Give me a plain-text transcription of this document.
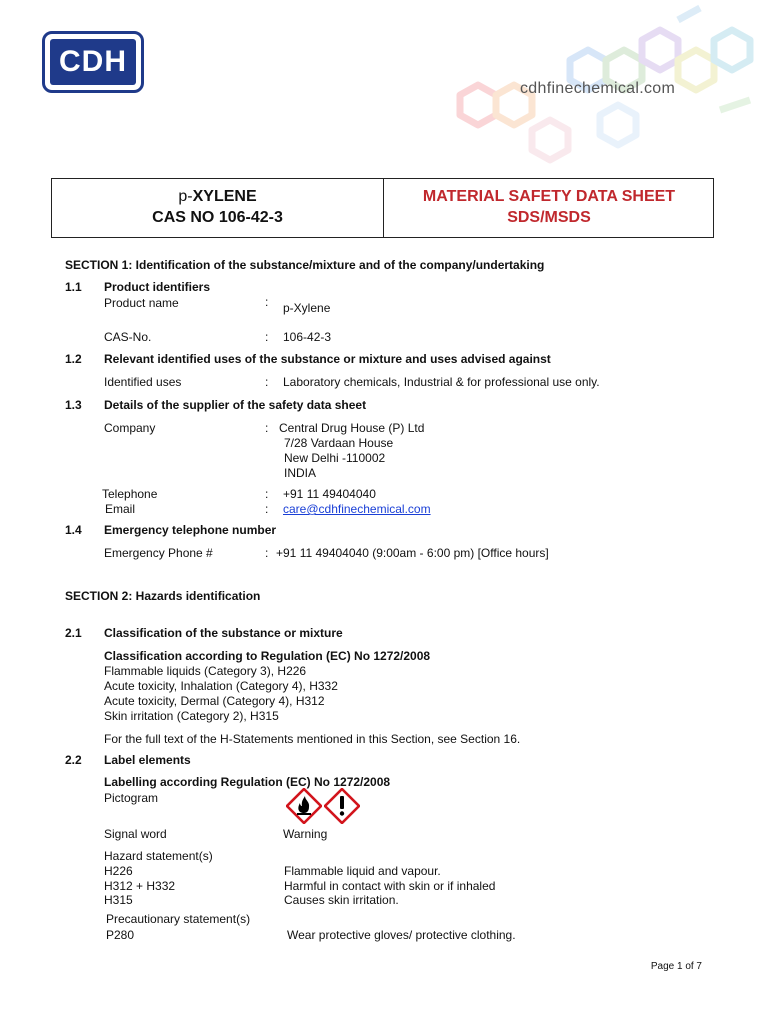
CDH
cdhfinechemical.com
p-XYLENE
CAS NO 106-42-3
MATERIAL SAFETY DATA SHEET
SDS/MSDS
SECTION 1: Identification of the substance/mixture and of the company/undertaking
1.1 Product identifiers
Product name	: p-Xylene
CAS-No.	: 106-42-3
1.2 Relevant identified uses of the substance or mixture and uses advised against
Identified uses	: Laboratory chemicals, Industrial & for professional use only.
1.3 Details of the supplier of the safety data sheet
Company	: Central Drug House (P) Ltd
7/28 Vardaan House
New Delhi -110002
INDIA
Telephone	: +91 11 49404040
Email	: care@cdhfinechemical.com
1.4 Emergency telephone number
Emergency Phone #	: +91 11 49404040 (9:00am - 6:00 pm) [Office hours]
SECTION 2: Hazards identification
2.1 Classification of the substance or mixture
Classification according to Regulation (EC) No 1272/2008
Flammable liquids (Category 3), H226
Acute toxicity, Inhalation (Category 4), H332
Acute toxicity, Dermal (Category 4), H312
Skin irritation (Category 2), H315
For the full text of the H-Statements mentioned in this Section, see Section 16.
2.2 Label elements
Labelling according Regulation (EC) No 1272/2008
Pictogram
Signal word	Warning
Hazard statement(s)
H226	Flammable liquid and vapour.
H312 + H332	Harmful in contact with skin or if inhaled
H315	Causes skin irritation.
Precautionary statement(s)
P280	Wear protective gloves/ protective clothing.
Page 1 of 7
